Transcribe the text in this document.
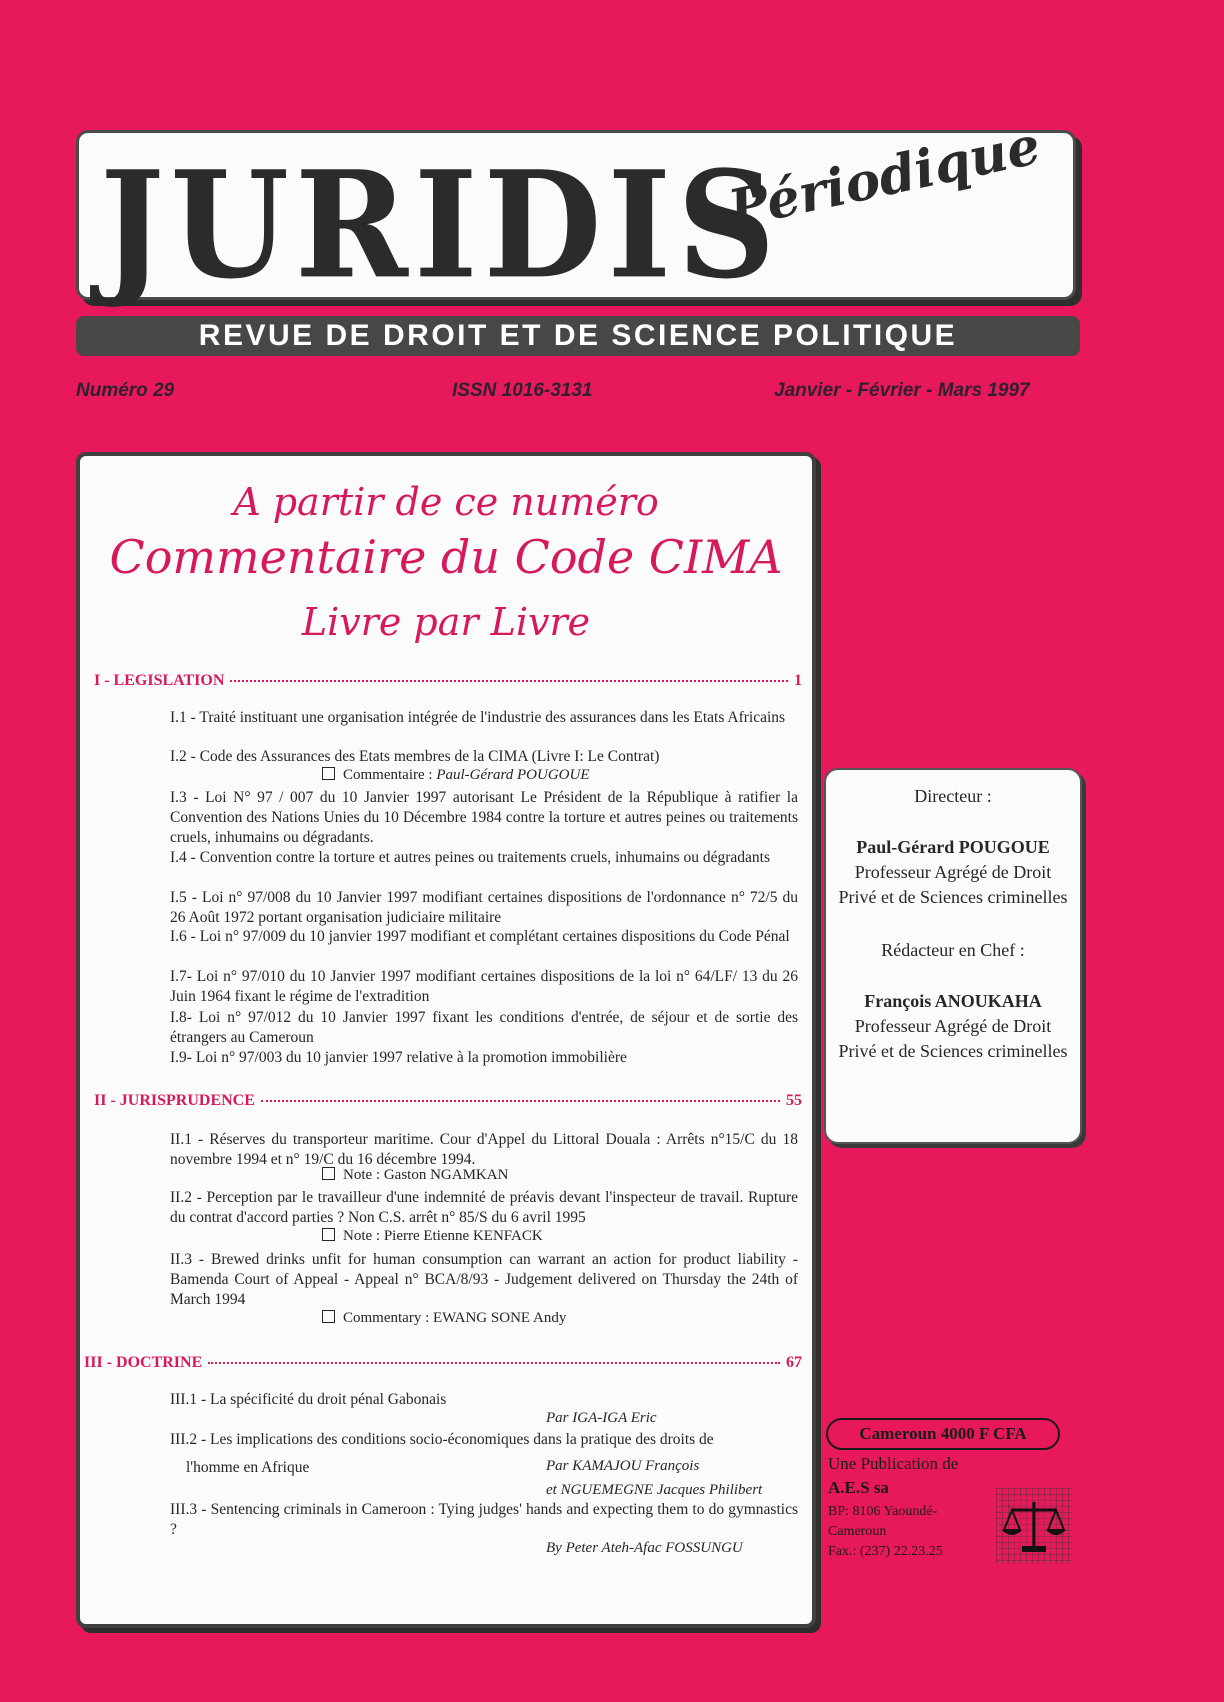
JURIDIS
Périodique
REVUE DE DROIT ET DE SCIENCE POLITIQUE
Numéro 29	ISSN 1016-3131	Janvier - Février - Mars 1997
A partir de ce numéro
Commentaire du Code CIMA
Livre par Livre
I - LEGISLATION	1
I.1 - Traité instituant une organisation intégrée de l'industrie des assurances dans les Etats Africains
I.2 - Code des Assurances des Etats membres de la CIMA (Livre I: Le Contrat)
Commentaire : Paul-Gérard POUGOUE
I.3 - Loi N° 97 / 007 du 10 Janvier 1997 autorisant Le Président de la République à ratifier la Convention des Nations Unies du 10 Décembre 1984 contre la torture et autres peines ou traitements cruels, inhumains ou dégradants.
I.4 - Convention contre la torture et autres peines ou traitements cruels, inhumains ou dégradants
I.5 - Loi n° 97/008 du 10 Janvier 1997 modifiant certaines dispositions de l'ordonnance n° 72/5 du 26 Août 1972 portant organisation judiciaire militaire
I.6 - Loi n° 97/009 du 10 janvier 1997 modifiant et complétant certaines dispositions du Code Pénal
I.7- Loi n° 97/010 du 10 Janvier 1997 modifiant certaines dispositions de la loi n° 64/LF/ 13 du 26 Juin 1964 fixant le régime de l'extradition
I.8- Loi n° 97/012 du 10 Janvier 1997 fixant les conditions d'entrée, de séjour et de sortie des étrangers au Cameroun
I.9- Loi n° 97/003 du 10 janvier 1997 relative à la promotion immobilière
II - JURISPRUDENCE	55
II.1 - Réserves du transporteur maritime. Cour d'Appel du Littoral Douala : Arrêts n°15/C du 18 novembre 1994 et n° 19/C du 16 décembre 1994.
Note : Gaston NGAMKAN
II.2 - Perception par le travailleur d'une indemnité de préavis devant l'inspecteur de travail. Rupture du contrat d'accord parties ? Non C.S. arrêt n° 85/S du 6 avril 1995
Note : Pierre Etienne KENFACK
II.3 - Brewed drinks unfit for human consumption can warrant an action for product liability - Bamenda Court of Appeal - Appeal n° BCA/8/93 - Judgement delivered on Thursday the 24th of March 1994
Commentary : EWANG SONE Andy
III - DOCTRINE	67
III.1 - La spécificité du droit pénal Gabonais
Par IGA-IGA Eric
III.2 - Les implications des conditions socio-économiques dans la pratique des droits de
l'homme en Afrique	Par KAMAJOU François
et NGUEMEGNE Jacques Philibert
III.3 - Sentencing criminals in Cameroon : Tying judges' hands and expecting them to do gymnastics ?
By Peter Ateh-Afac FOSSUNGU
Directeur :
Paul-Gérard POUGOUE
Professeur Agrégé de Droit Privé et de Sciences criminelles
Rédacteur en Chef :
François ANOUKAHA
Professeur Agrégé de Droit Privé et de Sciences criminelles
Cameroun 4000 F CFA
Une Publication de
A.E.S sa
BP: 8106 Yaoundé-
Cameroun
Fax.: (237) 22.23.25
